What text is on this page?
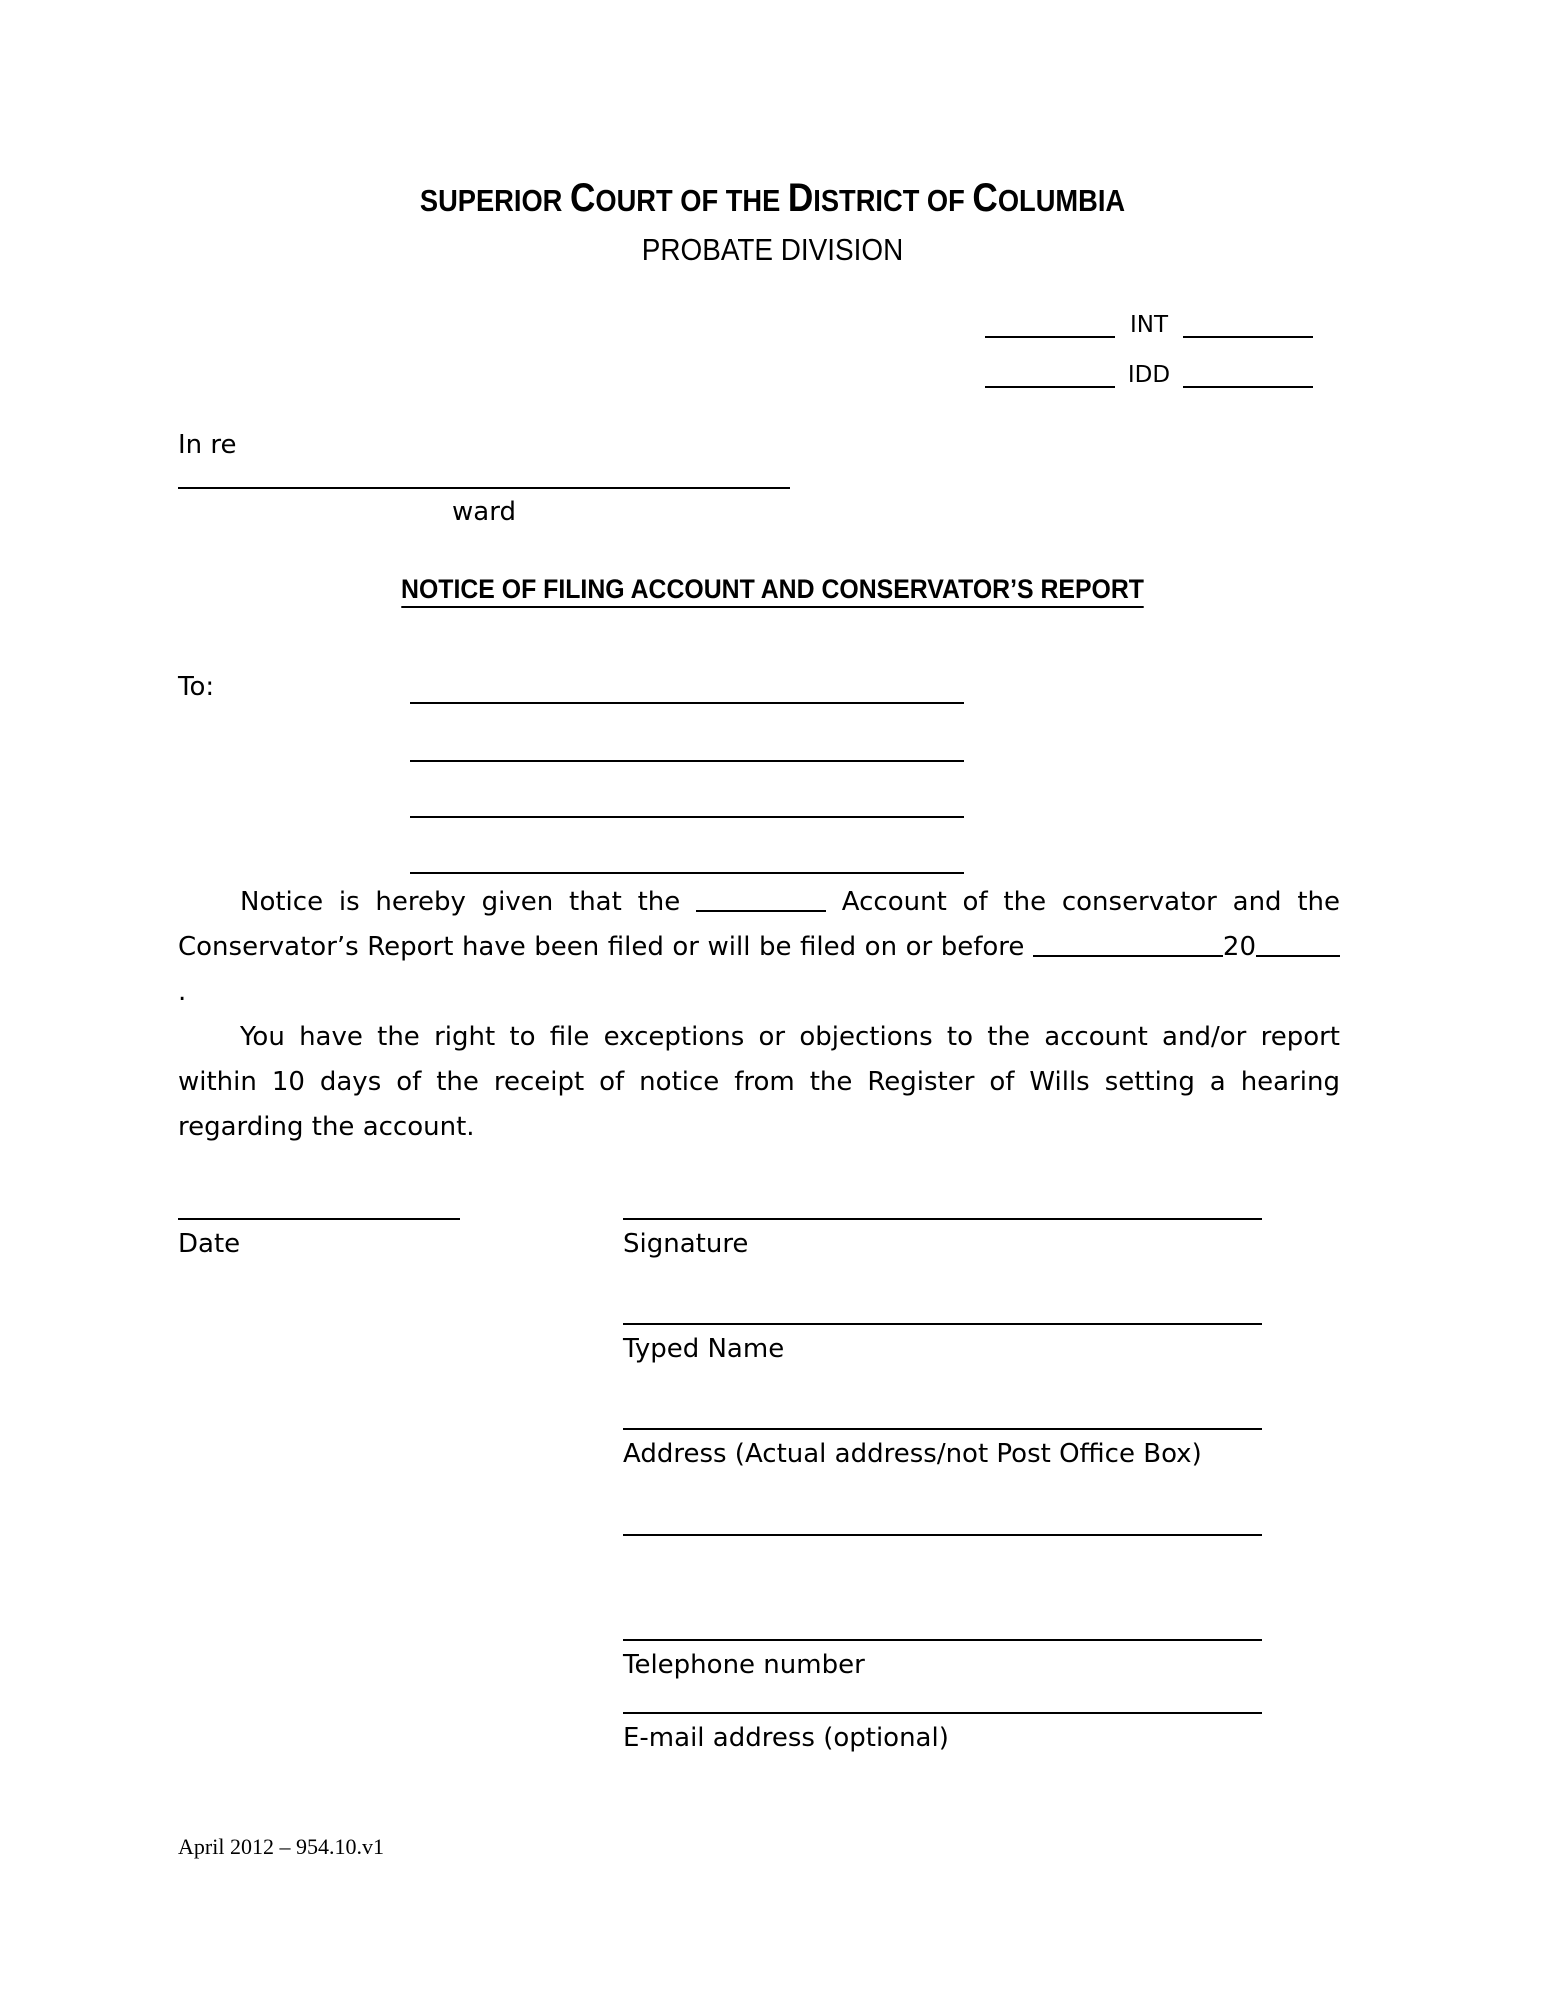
SUPERIOR COURT OF THE DISTRICT OF COLUMBIA
PROBATE DIVISION
INT
IDD
In re
ward
NOTICE OF FILING ACCOUNT AND CONSERVATOR’S REPORT
To:

Notice is hereby given that the	Account of the conservator and the Conservator’s Report have been filed or will be filed on or before	20.

You have the right to file exceptions or objections to the account and/or report within 10 days of the receipt of notice from the Register of Wills setting a hearing regarding the account.

Date	Signature
Typed Name
Address (Actual address/not Post Office Box)
Telephone number
E-mail address (optional)
April 2012 – 954.10.v1
